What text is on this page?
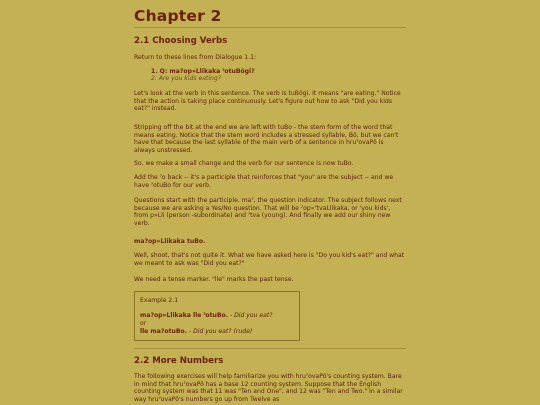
Chapter 2
2.1 Choosing Verbs

Return to these lines from Dialogue 1.1:

1. Q: ma?op»Llikaka ˀotuBögi?
2. Are you kids eating?

Let's look at the verb in this sentence. The verb is tuBögi. It means "are eating." Notice that the action is taking place continuously. Let's figure out how to ask "Did you kids eat?" instead.

Stripping off the bit at the end we are left with tuBo - the stem form of the word that means eating. Notice that the stem word includes a stressed syllable, Bö, but we can't have that because the last syllable of the main verb of a sentence in hruˀovaPö is always unstressed.

So, we make a small change and the verb for our sentence is now tuBo.

Add the ˀo back -- it's a participle that reinforces that "you" are the subject -- and we have ˀotuBo for our verb.

Questions start with the participle, maˀ, the question indicator. The subject follows next because we are asking a Yes/No question. That will be ˀop»ˀtvaLlikaka, or 'you kids', from p»Lli (person -subordinate) and ˀtva (young). And finally we add our shiny new verb.

ma?op»Llikaka tuBo.

Well, shoot, that's not quite it. What we have asked here is "Do you kid's eat?" and what we meant to ask was "Did you eat?"

We need a tense marker. "lle" marks the past tense.

Example 2.1
ma?op»Llikaka lle ˀotuBo. - Did you eat?
or
lle ma?otuBo. - Did you eat? (rude)
2.2 More Numbers

The following exercises will help familiarize you with hruˀovaPö's counting system. Bare in mind that hruˀovaPö has a base 12 counting system. Suppose that the English counting system was that 11 was "Ten and One", and 12 was "Ten and Two." In a similar way hruˀovaPö's numbers go up from Twelve as
